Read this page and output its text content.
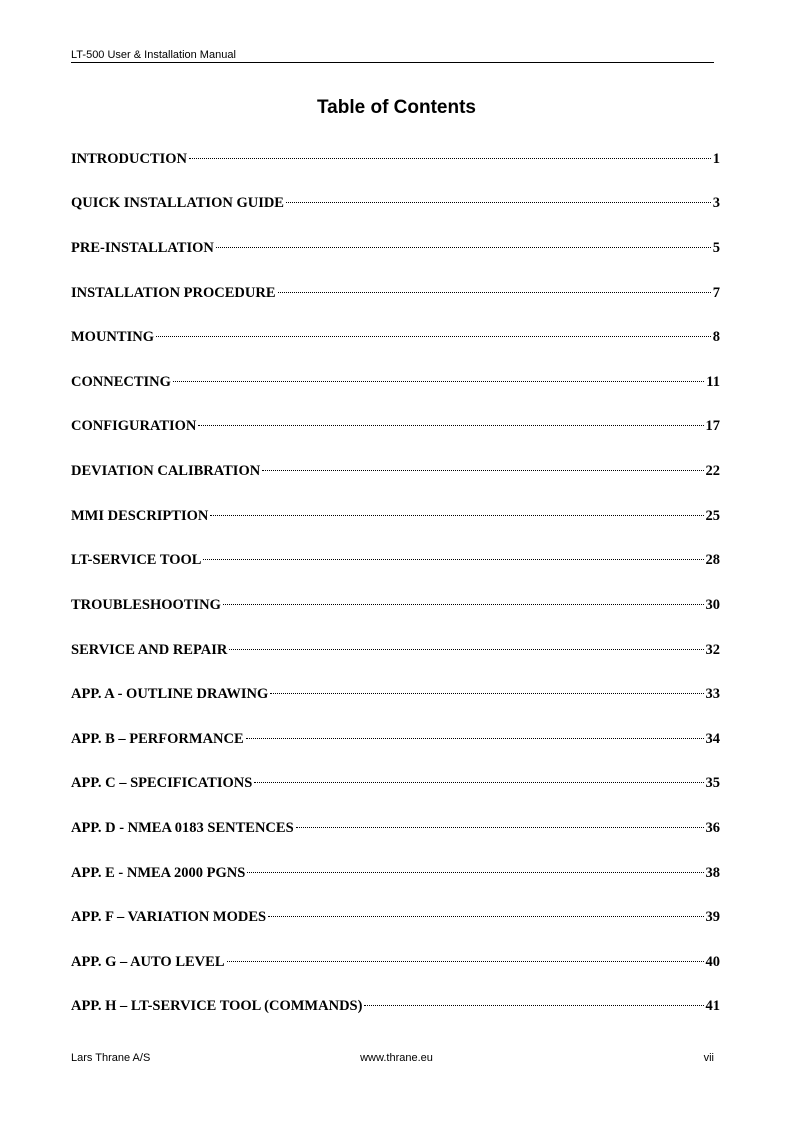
LT-500 User & Installation Manual
Table of Contents
INTRODUCTION	1
QUICK INSTALLATION GUIDE	3
PRE-INSTALLATION	5
INSTALLATION PROCEDURE	7
MOUNTING	8
CONNECTING	11
CONFIGURATION	17
DEVIATION CALIBRATION	22
MMI DESCRIPTION	25
LT-SERVICE TOOL	28
TROUBLESHOOTING	30
SERVICE AND REPAIR	32
APP. A - OUTLINE DRAWING	33
APP. B – PERFORMANCE	34
APP. C – SPECIFICATIONS	35
APP. D - NMEA 0183 SENTENCES	36
APP. E - NMEA 2000 PGNS	38
APP. F – VARIATION MODES	39
APP. G – AUTO LEVEL	40
APP. H – LT-SERVICE TOOL (COMMANDS)	41
Lars Thrane A/S	www.thrane.eu	vii
